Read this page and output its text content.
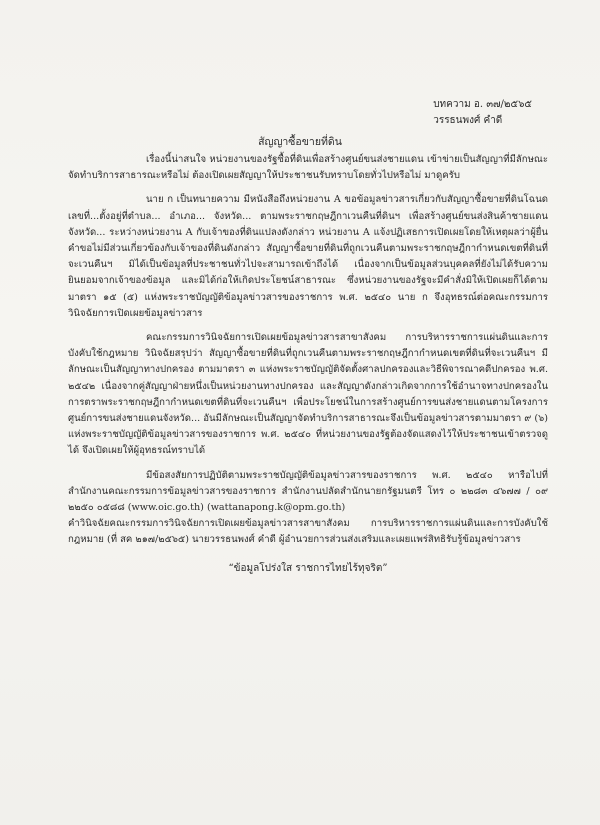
บทความ อ. ๓๗/๒๕๖๕
วรรธนพงศ์ คำดี
สัญญาซื้อขายที่ดิน

เรื่องนี้น่าสนใจ หน่วยงานของรัฐซื้อที่ดินเพื่อสร้างศูนย์ขนส่งชายแดน เข้าข่ายเป็นสัญญาที่มีลักษณะจัดทำบริการสาธารณะหรือไม่ ต้องเปิดเผยสัญญาให้ประชาชนรับทราบโดยทั่วไปหรือไม่ มาดูครับ

นาย ก เป็นทนายความ มีหนังสือถึงหน่วยงาน A ขอข้อมูลข่าวสารเกี่ยวกับสัญญาซื้อขายที่ดินโฉนดเลขที่...ตั้งอยู่ที่ตำบล... อำเภอ... จังหวัด... ตามพระราชกฤษฎีกาเวนคืนที่ดินฯ เพื่อสร้างศูนย์ขนส่งสินค้าชายแดนจังหวัด... ระหว่างหน่วยงาน A กับเจ้าของที่ดินแปลงดังกล่าว หน่วยงาน A แจ้งปฏิเสธการเปิดเผยโดยให้เหตุผลว่าผู้ยื่นคำขอไม่มีส่วนเกี่ยวข้องกับเจ้าของที่ดินดังกล่าว สัญญาซื้อขายที่ดินที่ถูกเวนคืนตามพระราชกฤษฎีกากำหนดเขตที่ดินที่จะเวนคืนฯ มิได้เป็นข้อมูลที่ประชาชนทั่วไปจะสามารถเข้าถึงได้ เนื่องจากเป็นข้อมูลส่วนบุคคลที่ยังไม่ได้รับความยินยอมจากเจ้าของข้อมูล และมิได้ก่อให้เกิดประโยชน์สาธารณะ ซึ่งหน่วยงานของรัฐจะมีคำสั่งมิให้เปิดเผยก็ได้ตามมาตรา ๑๕ (๕) แห่งพระราชบัญญัติข้อมูลข่าวสารของราชการ พ.ศ. ๒๕๔๐ นาย ก จึงอุทธรณ์ต่อคณะกรรมการวินิจฉัยการเปิดเผยข้อมูลข่าวสาร

คณะกรรมการวินิจฉัยการเปิดเผยข้อมูลข่าวสารสาขาสังคม การบริหารราชการแผ่นดินและการบังคับใช้กฎหมาย วินิจฉัยสรุปว่า สัญญาซื้อขายที่ดินที่ถูกเวนคืนตามพระราชกฤษฎีกากำหนดเขตที่ดินที่จะเวนคืนฯ มีลักษณะเป็นสัญญาทางปกครอง ตามมาตรา ๓ แห่งพระราชบัญญัติจัดตั้งศาลปกครองและวิธีพิจารณาคดีปกครอง พ.ศ. ๒๕๔๒ เนื่องจากคู่สัญญาฝ่ายหนึ่งเป็นหน่วยงานทางปกครอง และสัญญาดังกล่าวเกิดจากการใช้อำนาจทางปกครองในการตราพระราชกฤษฎีกากำหนดเขตที่ดินที่จะเวนคืนฯ เพื่อประโยชน์ในการสร้างศูนย์การขนส่งชายแดนตามโครงการศูนย์การขนส่งชายแดนจังหวัด... อันมีลักษณะเป็นสัญญาจัดทำบริการสาธารณะจึงเป็นข้อมูลข่าวสารตามมาตรา ๙ (๖) แห่งพระราชบัญญัติข้อมูลข่าวสารของราชการ พ.ศ. ๒๕๔๐ ที่หน่วยงานของรัฐต้องจัดแสดงไว้ให้ประชาชนเข้าตรวจดูได้ จึงเปิดเผยให้ผู้อุทธรณ์ทราบได้

มีข้อสงสัยการปฏิบัติตามพระราชบัญญัติข้อมูลข่าวสารของราชการ พ.ศ. ๒๕๔๐ หารือไปที่สำนักงานคณะกรรมการข้อมูลข่าวสารของราชการ สำนักงานปลัดสำนักนายกรัฐมนตรี โทร ๐ ๒๒๘๓ ๔๖๗๗ / ๐๙ ๒๒๕๐ ๐๕๘๘ (www.oic.go.th) (wattanapong.k@opm.go.th)

คำวินิจฉัยคณะกรรมการวินิจฉัยการเปิดเผยข้อมูลข่าวสารสาขาสังคม การบริหารราชการแผ่นดินและการบังคับใช้กฎหมาย (ที่ สค ๒๑๗/๒๕๖๕) นายวรรธนพงศ์ คำดี ผู้อำนวยการส่วนส่งเสริมและเผยแพร่สิทธิรับรู้ข้อมูลข่าวสาร

“ข้อมูลโปร่งใส ราชการไทยไร้ทุจริต”
